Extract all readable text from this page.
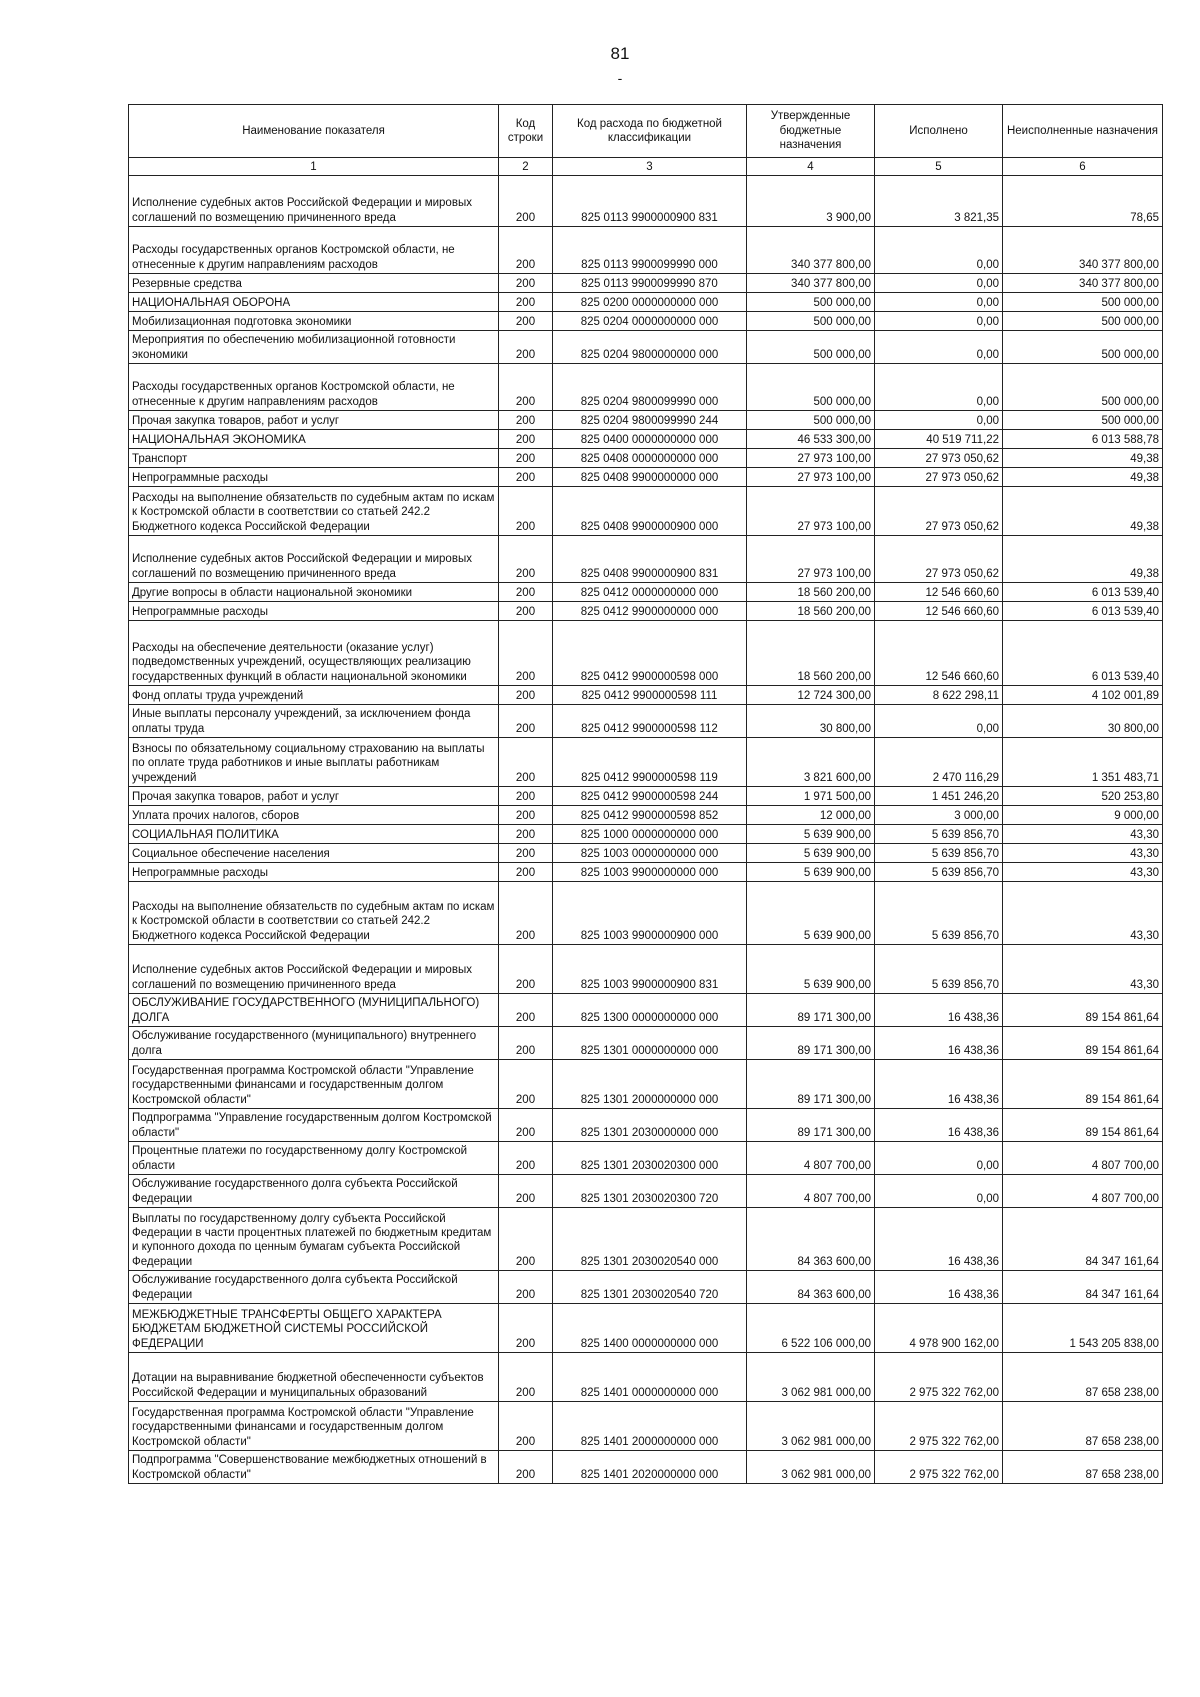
81
-
Наименование показателя	Код строки	Код расхода по бюджетной классификации	Утвержденные бюджетные назначения	Исполнено	Неисполненные назначения
1	2	3	4	5	6
Исполнение судебных актов Российской Федерации и мировых соглашений по возмещению причиненного вреда	200	825 0113 9900000900 831	3 900,00	3 821,35	78,65
Расходы государственных органов Костромской области, не отнесенные к другим направлениям расходов	200	825 0113 9900099990 000	340 377 800,00	0,00	340 377 800,00
Резервные средства	200	825 0113 9900099990 870	340 377 800,00	0,00	340 377 800,00
НАЦИОНАЛЬНАЯ ОБОРОНА	200	825 0200 0000000000 000	500 000,00	0,00	500 000,00
Мобилизационная подготовка экономики	200	825 0204 0000000000 000	500 000,00	0,00	500 000,00
Мероприятия по обеспечению мобилизационной готовности экономики	200	825 0204 9800000000 000	500 000,00	0,00	500 000,00
Расходы государственных органов Костромской области, не отнесенные к другим направлениям расходов	200	825 0204 9800099990 000	500 000,00	0,00	500 000,00
Прочая закупка товаров, работ и услуг	200	825 0204 9800099990 244	500 000,00	0,00	500 000,00
НАЦИОНАЛЬНАЯ ЭКОНОМИКА	200	825 0400 0000000000 000	46 533 300,00	40 519 711,22	6 013 588,78
Транспорт	200	825 0408 0000000000 000	27 973 100,00	27 973 050,62	49,38
Непрограммные расходы	200	825 0408 9900000000 000	27 973 100,00	27 973 050,62	49,38
Расходы на выполнение обязательств по судебным актам по искам к Костромской области в соответствии со статьей 242.2 Бюджетного кодекса Российской Федерации	200	825 0408 9900000900 000	27 973 100,00	27 973 050,62	49,38
Исполнение судебных актов Российской Федерации и мировых соглашений по возмещению причиненного вреда	200	825 0408 9900000900 831	27 973 100,00	27 973 050,62	49,38
Другие вопросы в области национальной экономики	200	825 0412 0000000000 000	18 560 200,00	12 546 660,60	6 013 539,40
Непрограммные расходы	200	825 0412 9900000000 000	18 560 200,00	12 546 660,60	6 013 539,40
Расходы на обеспечение деятельности (оказание услуг) подведомственных учреждений, осуществляющих реализацию государственных функций в области национальной экономики	200	825 0412 9900000598 000	18 560 200,00	12 546 660,60	6 013 539,40
Фонд оплаты труда учреждений	200	825 0412 9900000598 111	12 724 300,00	8 622 298,11	4 102 001,89
Иные выплаты персоналу учреждений, за исключением фонда оплаты труда	200	825 0412 9900000598 112	30 800,00	0,00	30 800,00
Взносы по обязательному социальному страхованию на выплаты по оплате труда работников и иные выплаты работникам учреждений	200	825 0412 9900000598 119	3 821 600,00	2 470 116,29	1 351 483,71
Прочая закупка товаров, работ и услуг	200	825 0412 9900000598 244	1 971 500,00	1 451 246,20	520 253,80
Уплата прочих налогов, сборов	200	825 0412 9900000598 852	12 000,00	3 000,00	9 000,00
СОЦИАЛЬНАЯ ПОЛИТИКА	200	825 1000 0000000000 000	5 639 900,00	5 639 856,70	43,30
Социальное обеспечение населения	200	825 1003 0000000000 000	5 639 900,00	5 639 856,70	43,30
Непрограммные расходы	200	825 1003 9900000000 000	5 639 900,00	5 639 856,70	43,30
Расходы на выполнение обязательств по судебным актам по искам к Костромской области в соответствии со статьей 242.2 Бюджетного кодекса Российской Федерации	200	825 1003 9900000900 000	5 639 900,00	5 639 856,70	43,30
Исполнение судебных актов Российской Федерации и мировых соглашений по возмещению причиненного вреда	200	825 1003 9900000900 831	5 639 900,00	5 639 856,70	43,30
ОБСЛУЖИВАНИЕ ГОСУДАРСТВЕННОГО (МУНИЦИПАЛЬНОГО) ДОЛГА	200	825 1300 0000000000 000	89 171 300,00	16 438,36	89 154 861,64
Обслуживание государственного (муниципального) внутреннего долга	200	825 1301 0000000000 000	89 171 300,00	16 438,36	89 154 861,64
Государственная программа Костромской области "Управление государственными финансами и государственным долгом Костромской области"	200	825 1301 2000000000 000	89 171 300,00	16 438,36	89 154 861,64
Подпрограмма "Управление государственным долгом Костромской области"	200	825 1301 2030000000 000	89 171 300,00	16 438,36	89 154 861,64
Процентные платежи по государственному долгу Костромской области	200	825 1301 2030020300 000	4 807 700,00	0,00	4 807 700,00
Обслуживание государственного долга субъекта Российской Федерации	200	825 1301 2030020300 720	4 807 700,00	0,00	4 807 700,00
Выплаты по государственному долгу субъекта Российской Федерации в части процентных платежей по бюджетным кредитам и купонного дохода по ценным бумагам субъекта Российской Федерации	200	825 1301 2030020540 000	84 363 600,00	16 438,36	84 347 161,64
Обслуживание государственного долга субъекта Российской Федерации	200	825 1301 2030020540 720	84 363 600,00	16 438,36	84 347 161,64
МЕЖБЮДЖЕТНЫЕ ТРАНСФЕРТЫ ОБЩЕГО ХАРАКТЕРА БЮДЖЕТАМ БЮДЖЕТНОЙ СИСТЕМЫ РОССИЙСКОЙ ФЕДЕРАЦИИ	200	825 1400 0000000000 000	6 522 106 000,00	4 978 900 162,00	1 543 205 838,00
Дотации на выравнивание бюджетной обеспеченности субъектов Российской Федерации и муниципальных образований	200	825 1401 0000000000 000	3 062 981 000,00	2 975 322 762,00	87 658 238,00
Государственная программа Костромской области "Управление государственными финансами и государственным долгом Костромской области"	200	825 1401 2000000000 000	3 062 981 000,00	2 975 322 762,00	87 658 238,00
Подпрограмма "Совершенствование межбюджетных отношений в Костромской области"	200	825 1401 2020000000 000	3 062 981 000,00	2 975 322 762,00	87 658 238,00
